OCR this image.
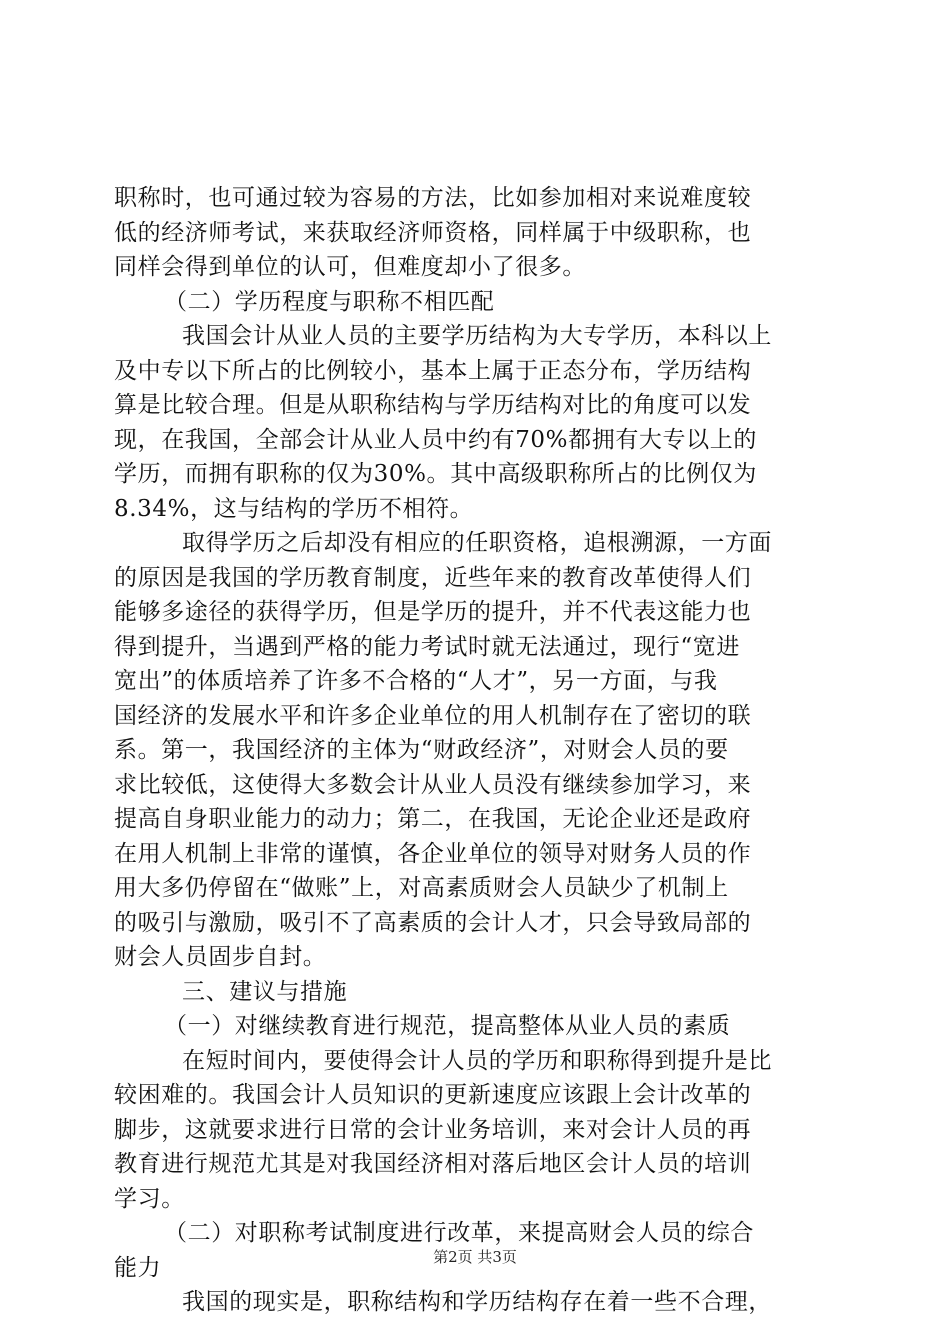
职称时，也可通过较为容易的方法，比如参加相对来说难度较
低的经济师考试，来获取经济师资格，同样属于中级职称，也
同样会得到单位的认可，但难度却小了很多。
（二）学历程度与职称不相匹配
我国会计从业人员的主要学历结构为大专学历，本科以上
及中专以下所占的比例较小，基本上属于正态分布，学历结构
算是比较合理。但是从职称结构与学历结构对比的角度可以发
现，在我国，全部会计从业人员中约有70%都拥有大专以上的
学历，而拥有职称的仅为30%。其中高级职称所占的比例仅为
8.34%，这与结构的学历不相符。
取得学历之后却没有相应的任职资格，追根溯源，一方面
的原因是我国的学历教育制度，近些年来的教育改革使得人们
能够多途径的获得学历，但是学历的提升，并不代表这能力也
得到提升，当遇到严格的能力考试时就无法通过，现行“宽进
宽出”的体质培养了许多不合格的“人才”，另一方面，与我
国经济的发展水平和许多企业单位的用人机制存在了密切的联
系。第一，我国经济的主体为“财政经济”，对财会人员的要
求比较低，这使得大多数会计从业人员没有继续参加学习，来
提高自身职业能力的动力；第二，在我国，无论企业还是政府
在用人机制上非常的谨慎，各企业单位的领导对财务人员的作
用大多仍停留在“做账”上，对高素质财会人员缺少了机制上
的吸引与激励，吸引不了高素质的会计人才，只会导致局部的
财会人员固步自封。
三、建议与措施
（一）对继续教育进行规范，提高整体从业人员的素质
在短时间内，要使得会计人员的学历和职称得到提升是比
较困难的。我国会计人员知识的更新速度应该跟上会计改革的
脚步，这就要求进行日常的会计业务培训，来对会计人员的再
教育进行规范尤其是对我国经济相对落后地区会计人员的培训
学习。
（二）对职称考试制度进行改革，来提高财会人员的综合
能力
我国的现实是，职称结构和学历结构存在着一些不合理，
第2页 共3页
